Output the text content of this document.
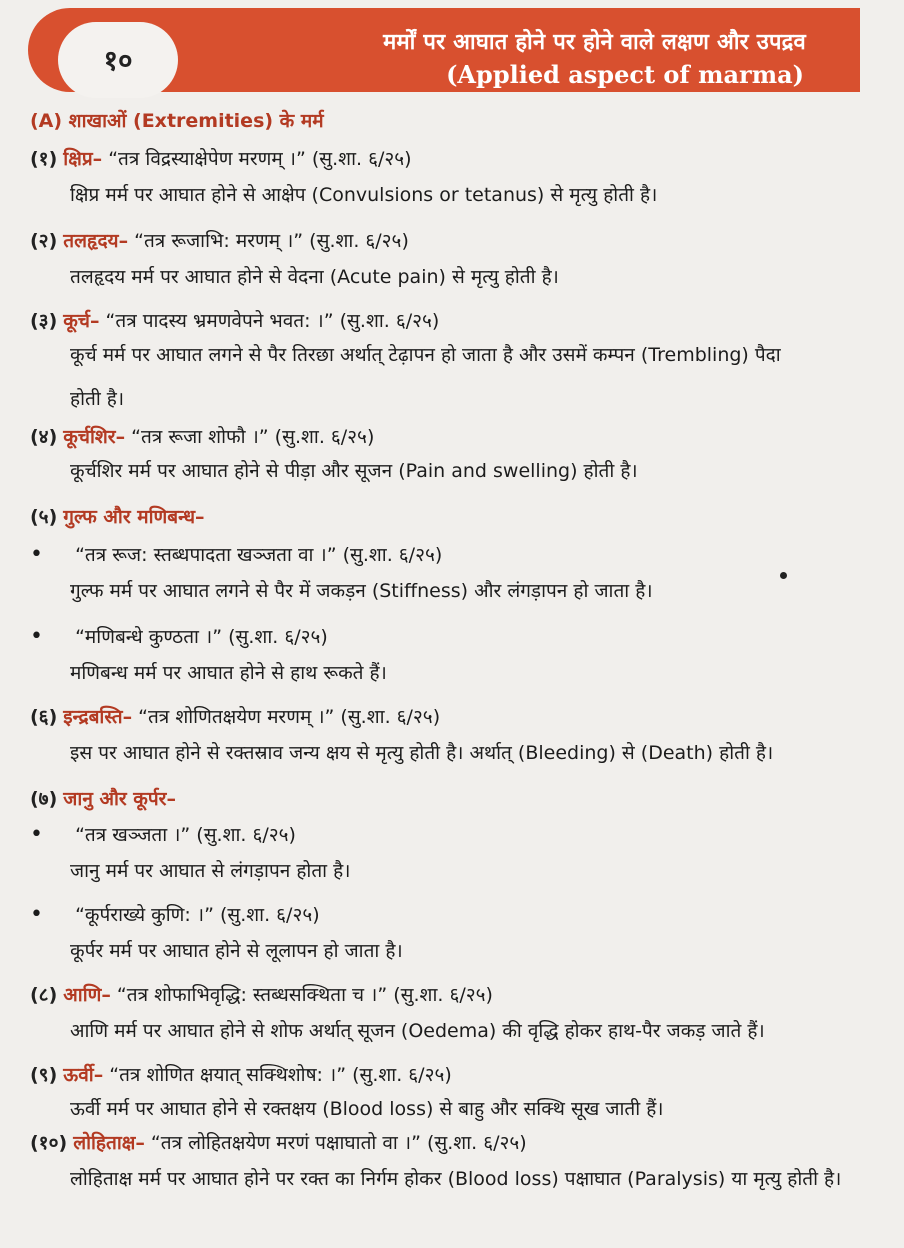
१०
मर्मों पर आघात होने पर होने वाले लक्षण और उपद्रव
(Applied aspect of marma)
(A) शाखाओं (Extremities) के मर्म
(१) क्षिप्र– “तत्र विद्रस्याक्षेपेण मरणम् ।” (सु.शा. ६/२५)
क्षिप्र मर्म पर आघात होने से आक्षेप (Convulsions or tetanus) से मृत्यु होती है।
(२) तलहृदय– “तत्र रूजाभि: मरणम् ।” (सु.शा. ६/२५)
तलहृदय मर्म पर आघात होने से वेदना (Acute pain) से मृत्यु होती है।
(३) कूर्च– “तत्र पादस्य भ्रमणवेपने भवत: ।” (सु.शा. ६/२५)
कूर्च मर्म पर आघात लगने से पैर तिरछा अर्थात् टेढ़ापन हो जाता है और उसमें कम्पन (Trembling) पैदा
होती है।
(४) कूर्चशिर– “तत्र रूजा शोफौ ।” (सु.शा. ६/२५)
कूर्चशिर मर्म पर आघात होने से पीड़ा और सूजन (Pain and swelling) होती है।
(५) गुल्फ और मणिबन्ध–
• “तत्र रूज: स्तब्धपादता खञ्जता वा ।” (सु.शा. ६/२५)
गुल्फ मर्म पर आघात लगने से पैर में जकड़न (Stiffness) और लंगड़ापन हो जाता है।
• “मणिबन्धे कुण्ठता ।” (सु.शा. ६/२५)
मणिबन्ध मर्म पर आघात होने से हाथ रूकते हैं।
(६) इन्द्रबस्ति– “तत्र शोणितक्षयेण मरणम् ।” (सु.शा. ६/२५)
इस पर आघात होने से रक्तस्राव जन्य क्षय से मृत्यु होती है। अर्थात् (Bleeding) से (Death) होती है।
(७) जानु और कूर्पर–
• “तत्र खञ्जता ।” (सु.शा. ६/२५)
जानु मर्म पर आघात से लंगड़ापन होता है।
• “कूर्पराख्ये कुणि: ।” (सु.शा. ६/२५)
कूर्पर मर्म पर आघात होने से लूलापन हो जाता है।
(८) आणि– “तत्र शोफाभिवृद्धि: स्तब्धसक्थिता च ।” (सु.शा. ६/२५)
आणि मर्म पर आघात होने से शोफ अर्थात् सूजन (Oedema) की वृद्धि होकर हाथ-पैर जकड़ जाते हैं।
(९) ऊर्वी– “तत्र शोणित क्षयात् सक्थिशोष: ।” (सु.शा. ६/२५)
ऊर्वी मर्म पर आघात होने से रक्तक्षय (Blood loss) से बाहु और सक्थि सूख जाती हैं।
(१०) लोहिताक्ष– “तत्र लोहितक्षयेण मरणं पक्षाघातो वा ।” (सु.शा. ६/२५)
लोहिताक्ष मर्म पर आघात होने पर रक्त का निर्गम होकर (Blood loss) पक्षाघात (Paralysis) या मृत्यु होती है।
